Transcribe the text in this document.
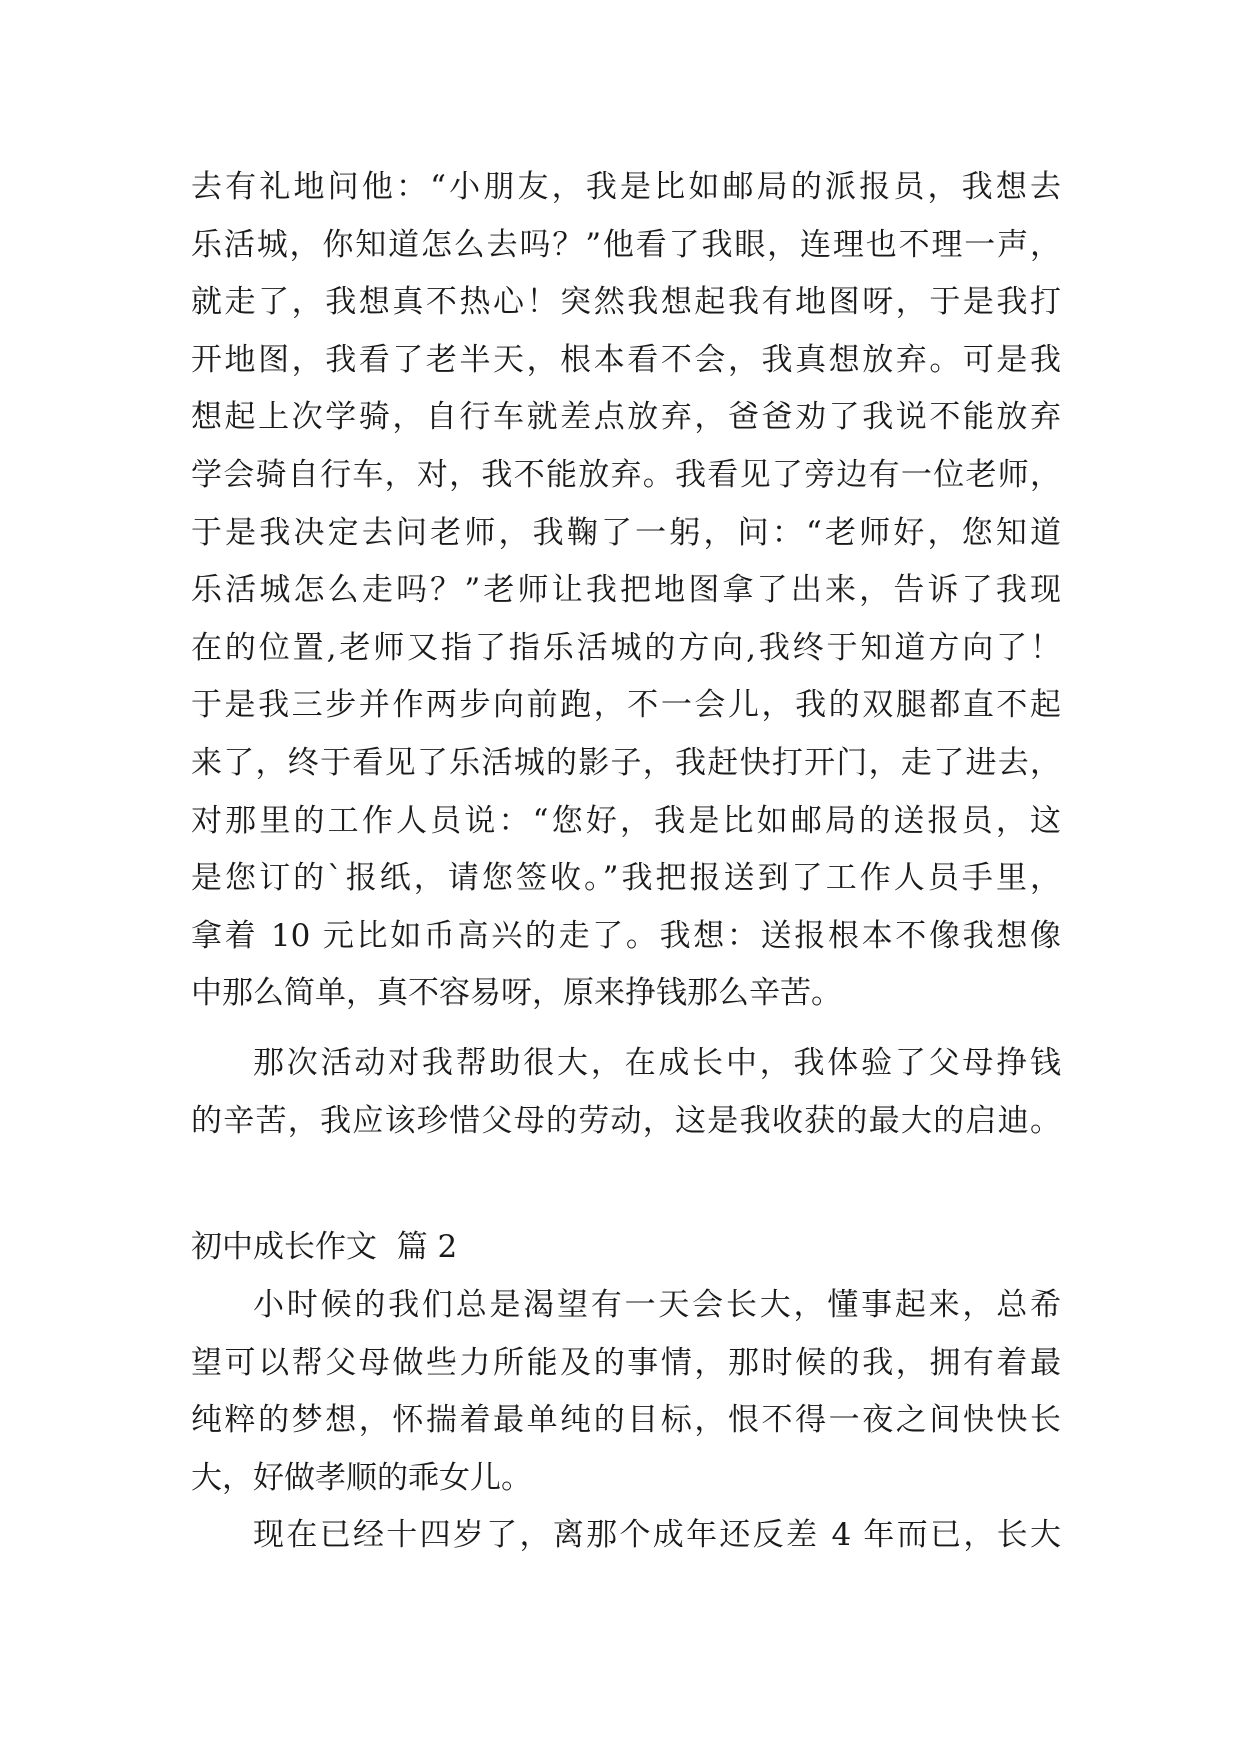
去有礼地问他：“小朋友，我是比如邮局的派报员，我想去
乐活城，你知道怎么去吗？”他看了我眼，连理也不理一声，
就走了，我想真不热心！突然我想起我有地图呀，于是我打
开地图，我看了老半天，根本看不会，我真想放弃。可是我
想起上次学骑，自行车就差点放弃，爸爸劝了我说不能放弃
学会骑自行车，对，我不能放弃。我看见了旁边有一位老师，
于是我决定去问老师，我鞠了一躬，问：“老师好，您知道
乐活城怎么走吗？”老师让我把地图拿了出来，告诉了我现
在的位置,老师又指了指乐活城的方向,我终于知道方向了！
于是我三步并作两步向前跑，不一会儿，我的双腿都直不起
来了，终于看见了乐活城的影子，我赶快打开门，走了进去，
对那里的工作人员说：“您好，我是比如邮局的送报员，这
是您订的`报纸，请您签收。”我把报送到了工作人员手里，
拿着 10 元比如币高兴的走了。我想：送报根本不像我想像
中那么简单，真不容易呀，原来挣钱那么辛苦。
那次活动对我帮助很大，在成长中，我体验了父母挣钱
的辛苦，我应该珍惜父母的劳动，这是我收获的最大的启迪。
初中成长作文  篇 2
小时候的我们总是渴望有一天会长大，懂事起来，总希
望可以帮父母做些力所能及的事情，那时候的我，拥有着最
纯粹的梦想，怀揣着最单纯的目标，恨不得一夜之间快快长
大，好做孝顺的乖女儿。
现在已经十四岁了，离那个成年还反差 4 年而已，长大
